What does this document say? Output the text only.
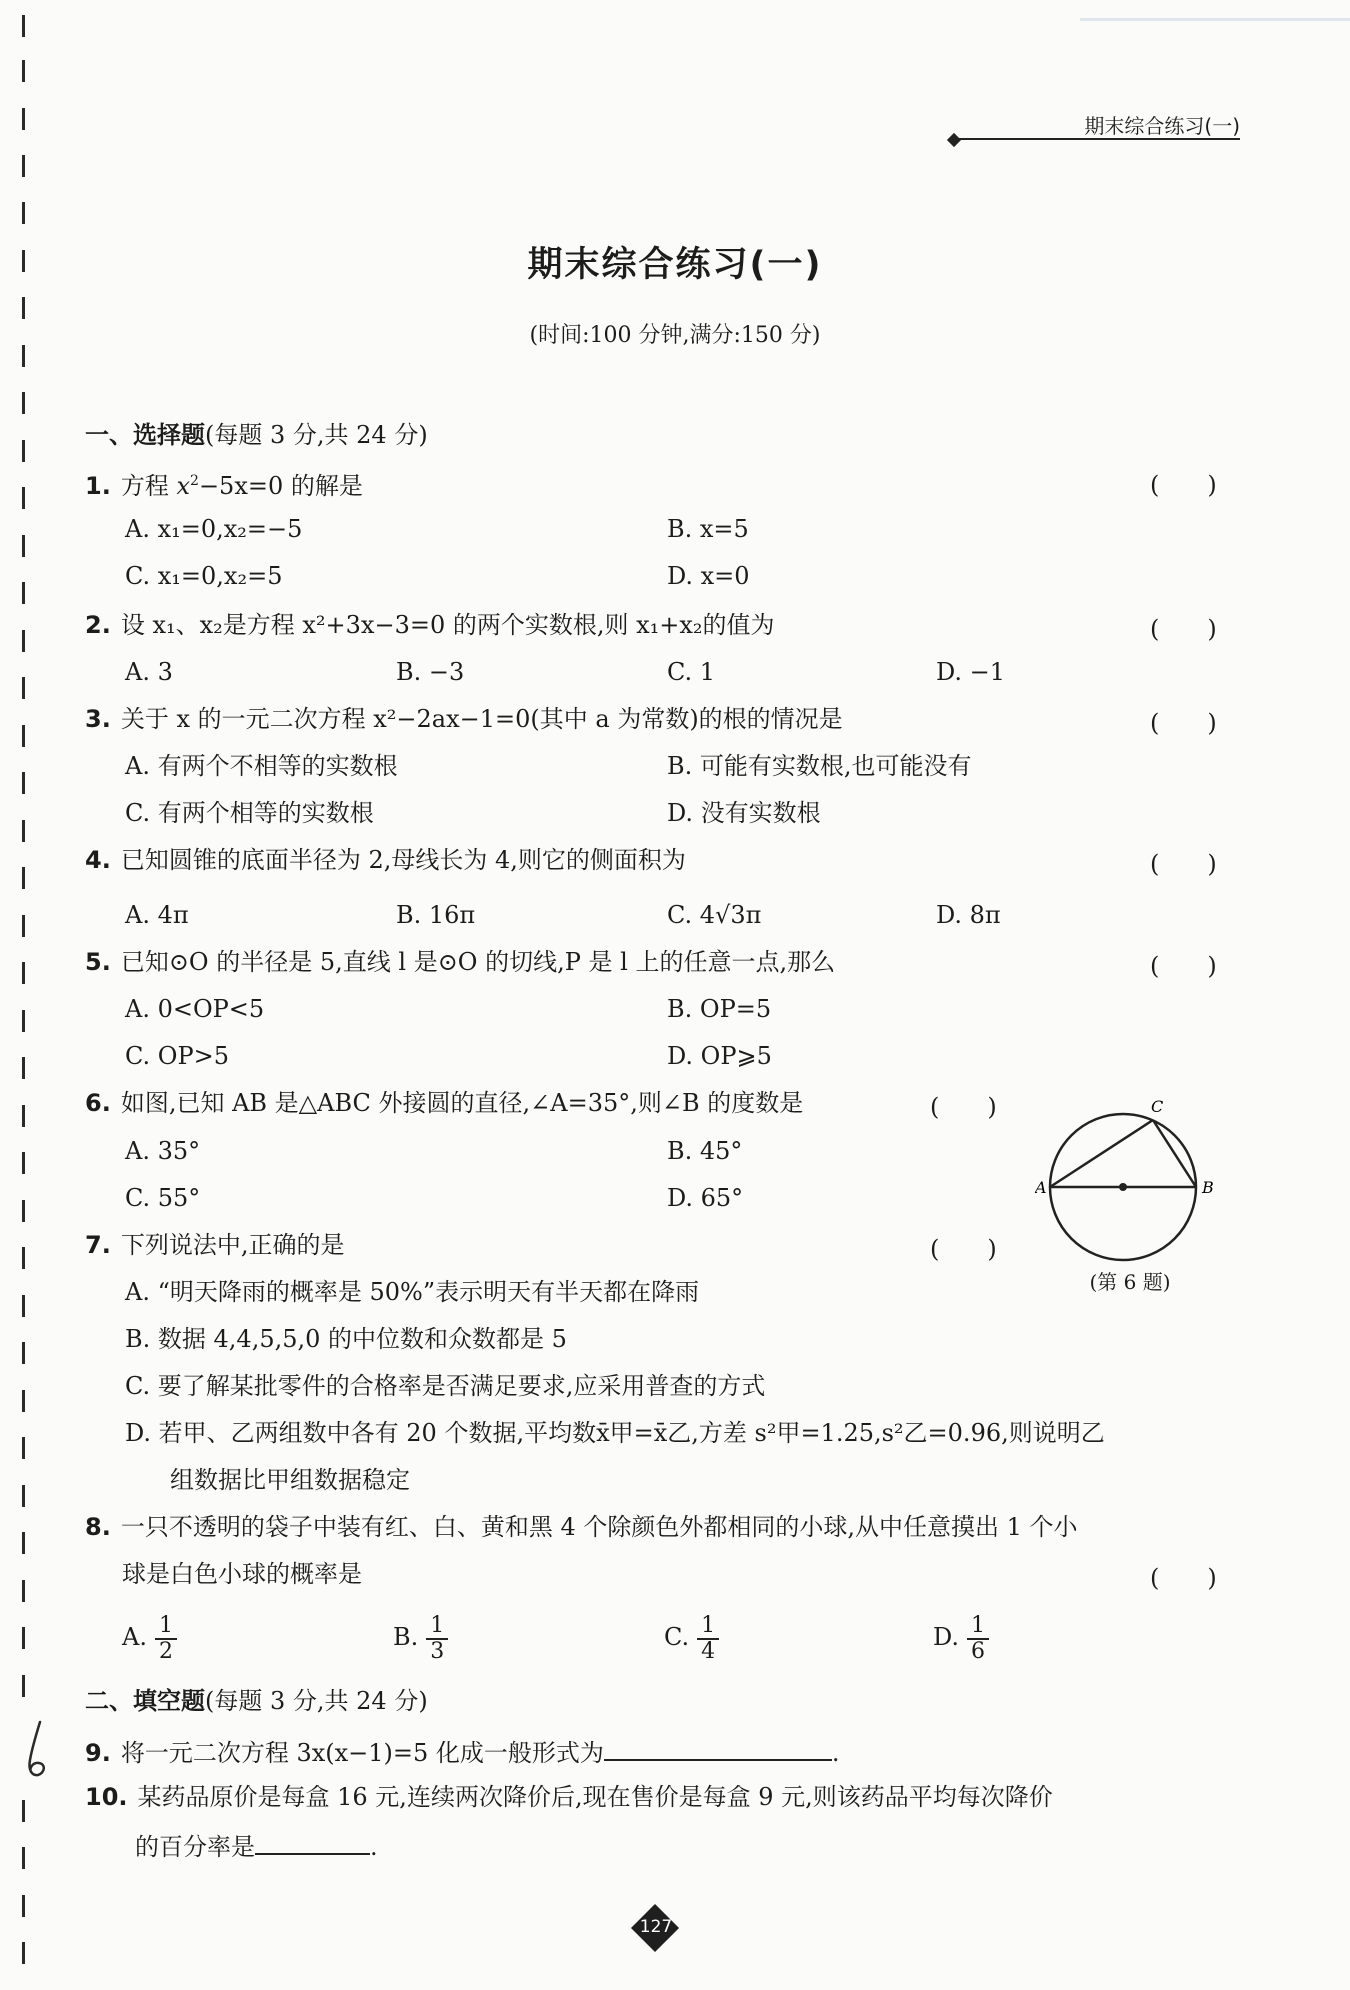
期末综合练习(一)
期末综合练习(一)
(时间:100 分钟,满分:150 分)
一、选择题(每题 3 分,共 24 分)
1. 方程 $x^2-5x=0$ 的解是	(　　)
A. x₁=0,x₂=−5	B. x=5
C. x₁=0,x₂=5	D. x=0
2. 设 x₁、x₂是方程 x²+3x−3=0 的两个实数根,则 x₁+x₂的值为	(　　)
A. 3	B. −3	C. 1	D. −1
3. 关于 x 的一元二次方程 x²−2ax−1=0(其中 a 为常数)的根的情况是	(　　)
A. 有两个不相等的实数根	B. 可能有实数根,也可能没有
C. 有两个相等的实数根	D. 没有实数根
4. 已知圆锥的底面半径为 2,母线长为 4,则它的侧面积为	(　　)
A. 4π	B. 16π	C. 4√3π	D. 8π
5. 已知⊙O 的半径是 5,直线 l 是⊙O 的切线,P 是 l 上的任意一点,那么	(　　)
A. 0<OP<5	B. OP=5
C. OP>5	D. OP⩾5
6. 如图,已知 AB 是△ABC 外接圆的直径,∠A=35°,则∠B 的度数是	(　　)
A. 35°	B. 45°
C. 55°	D. 65°	A	B
C
(第 6 题)
7. 下列说法中,正确的是	(　　)
A. “明天降雨的概率是 50%”表示明天有半天都在降雨
B. 数据 4,4,5,5,0 的中位数和众数都是 5
C. 要了解某批零件的合格率是否满足要求,应采用普查的方式
D. 若甲、乙两组数中各有 20 个数据,平均数x̄甲=x̄乙,方差 s²甲=1.25,s²乙=0.96,则说明乙
组数据比甲组数据稳定
8. 一只不透明的袋子中装有红、白、黄和黑 4 个除颜色外都相同的小球,从中任意摸出 1 个小
球是白色小球的概率是	(　　)
A. $\frac{1}{2}$	B. $\frac{1}{3}$	C. $\frac{1}{4}$	D. $\frac{1}{6}$
二、填空题(每题 3 分,共 24 分)
9. 将一元二次方程 3x(x−1)=5 化成一般形式为	.
10. 某药品原价是每盒 16 元,连续两次降价后,现在售价是每盒 9 元,则该药品平均每次降价
的百分率是	.
127
